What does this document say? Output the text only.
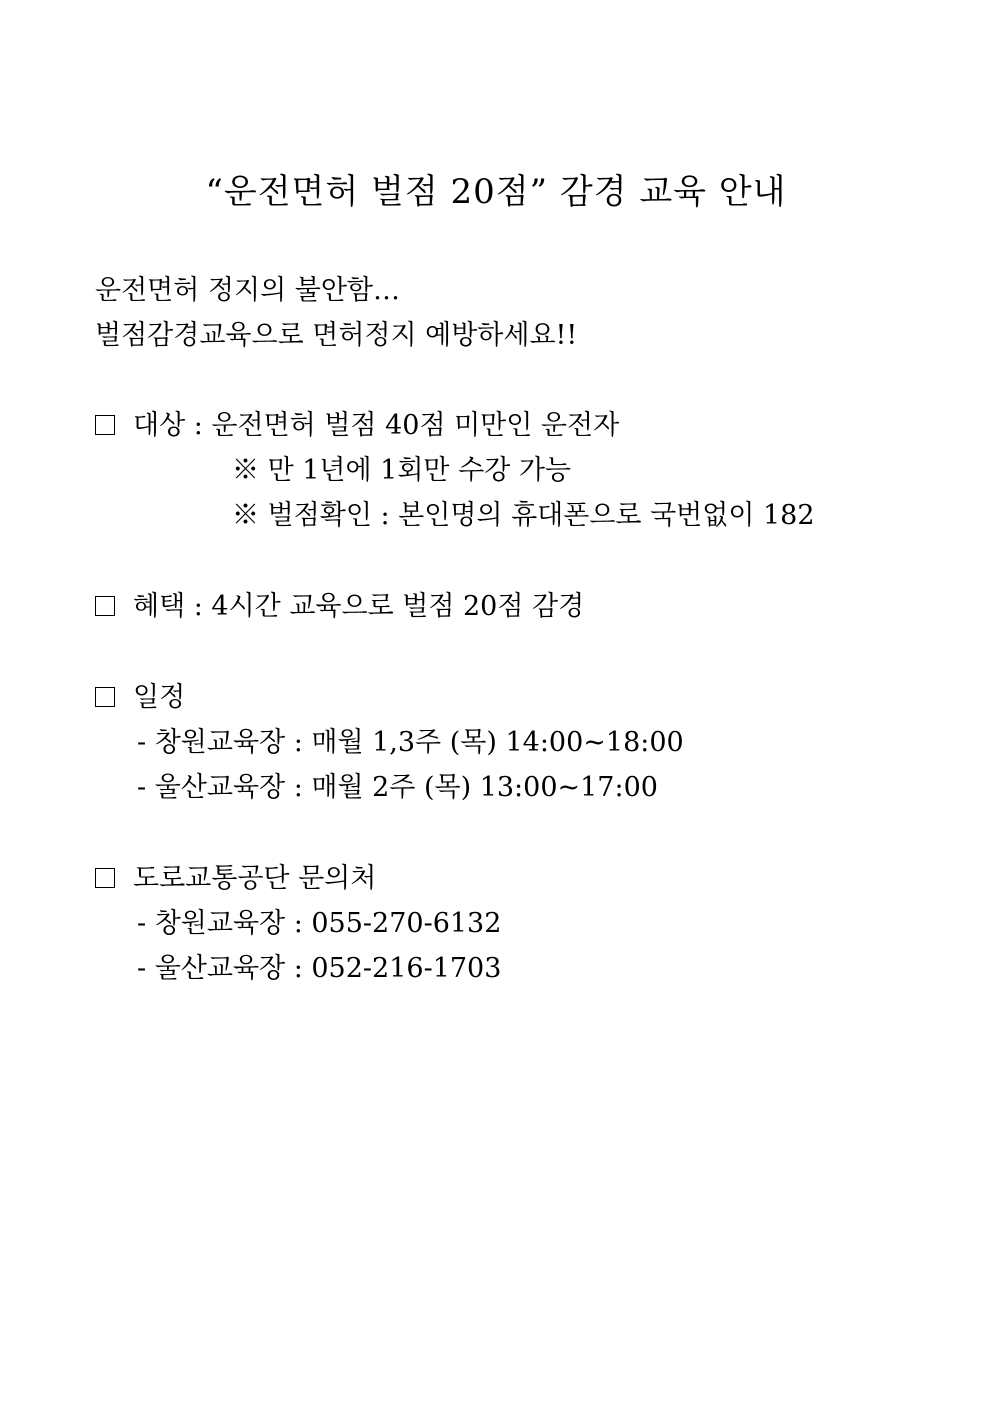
“운전면허 벌점 20점” 감경 교육 안내
운전면허 정지의 불안함…
벌점감경교육으로 면허정지 예방하세요!!
대상 : 운전면허 벌점 40점 미만인 운전자
※ 만 1년에 1회만 수강 가능
※ 벌점확인 : 본인명의 휴대폰으로 국번없이 182
혜택 : 4시간 교육으로 벌점 20점 감경
일정
- 창원교육장 : 매월 1,3주 (목) 14:00~18:00
- 울산교육장 : 매월 2주 (목) 13:00~17:00
도로교통공단 문의처
- 창원교육장 : 055-270-6132
- 울산교육장 : 052-216-1703
